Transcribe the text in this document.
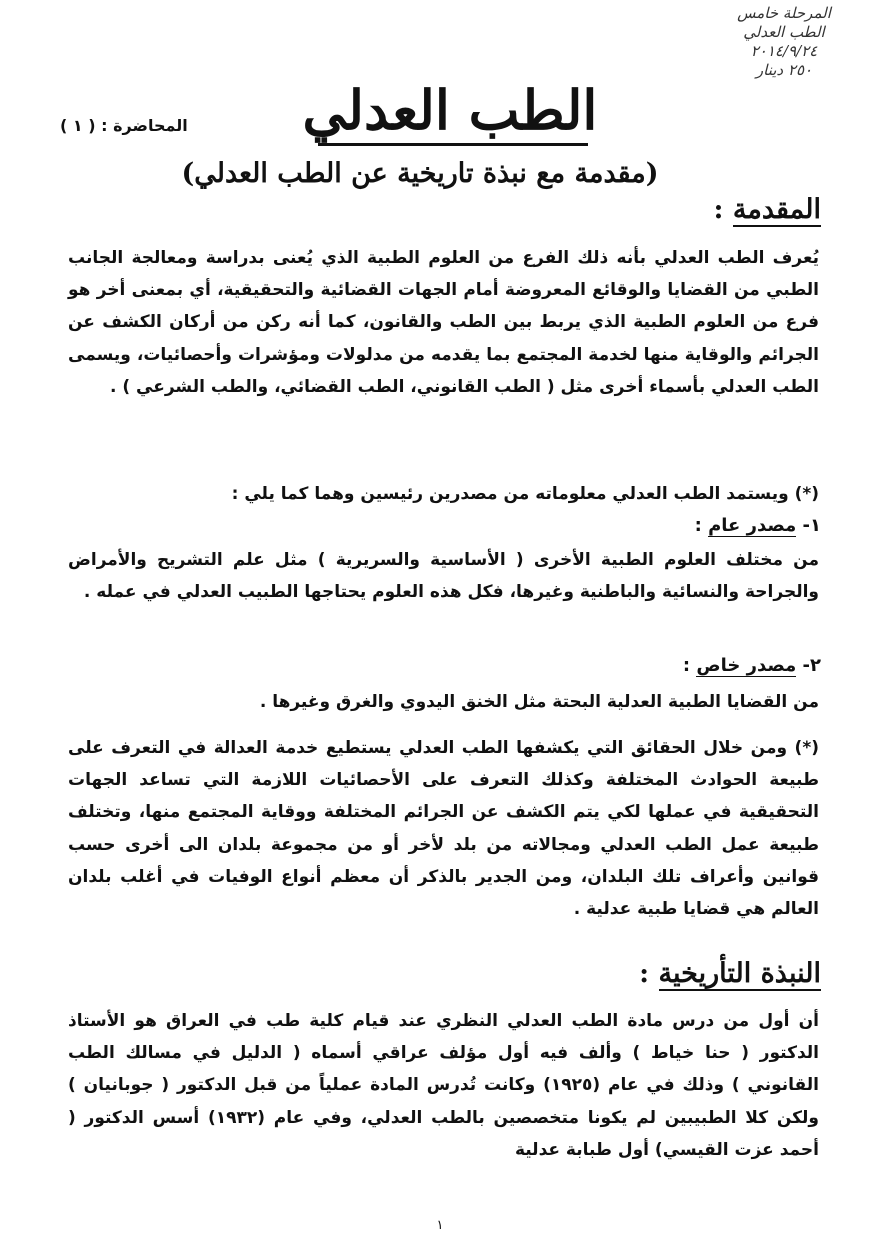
المرحلة خامس
الطب العدلي
٢٠١٤/٩/٢٤
٢٥٠ دينار
المحاضرة : ( ١ ) الطب العدلي
(مقدمة مع نبذة تاريخية عن الطب العدلي)
المقدمة :
يُعرف الطب العدلي بأنه ذلك الفرع من العلوم الطبية الذي يُعنى بدراسة ومعالجة الجانب الطبي من القضايا والوقائع المعروضة أمام الجهات القضائية والتحقيقية، أي بمعنى أخر هو فرع من العلوم الطبية الذي يربط بين الطب والقانون، كما أنه ركن من أركان الكشف عن الجرائم والوقاية منها لخدمة المجتمع بما يقدمه من مدلولات ومؤشرات وأحصائيات، ويسمى الطب العدلي بأسماء أخرى مثل ( الطب القانوني، الطب القضائي، والطب الشرعي ) .
(*) ويستمد الطب العدلي معلوماته من مصدرين رئيسين وهما كما يلي :
١- مصدر عام :
من مختلف العلوم الطبية الأخرى ( الأساسية والسريرية ) مثل علم التشريح والأمراض والجراحة والنسائية والباطنية وغيرها، فكل هذه العلوم يحتاجها الطبيب العدلي في عمله .
٢- مصدر خاص :
من القضايا الطبية العدلية البحتة مثل الخنق اليدوي والغرق وغيرها .
(*) ومن خلال الحقائق التي يكشفها الطب العدلي يستطيع خدمة العدالة في التعرف على طبيعة الحوادث المختلفة وكذلك التعرف على الأحصائيات اللازمة التي تساعد الجهات التحقيقية في عملها لكي يتم الكشف عن الجرائم المختلفة ووقاية المجتمع منها، وتختلف طبيعة عمل الطب العدلي ومجالاته من بلد لأخر أو من مجموعة بلدان الى أخرى حسب قوانين وأعراف تلك البلدان، ومن الجدير بالذكر أن معظم أنواع الوفيات في أغلب بلدان العالم هي قضايا طبية عدلية .
النبذة التأريخية :
أن أول من درس مادة الطب العدلي النظري عند قيام كلية طب في العراق هو الأستاذ الدكتور ( حنا خياط ) وألف فيه أول مؤلف عراقي أسماه ( الدليل في مسالك الطب القانوني ) وذلك في عام (١٩٢٥) وكانت تُدرس المادة عملياً من قبل الدكتور ( جوبانيان ) ولكن كلا الطبيبين لم يكونا متخصصين بالطب العدلي، وفي عام (١٩٣٢) أسس الدكتور ( أحمد عزت القيسي) أول طبابة عدلية
١
